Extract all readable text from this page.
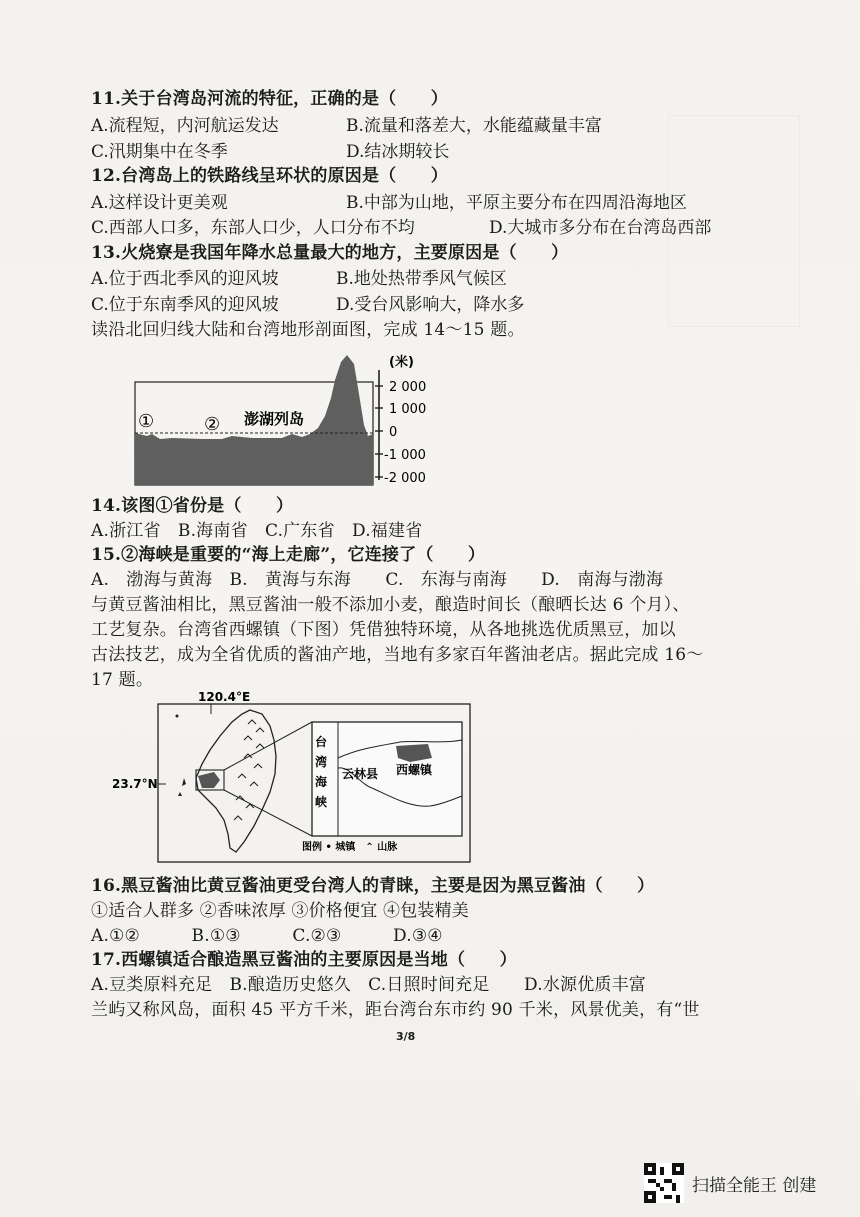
11.关于台湾岛河流的特征，正确的是（　　）
A.流程短，内河航运发达	B.流量和落差大，水能蕴藏量丰富
C.汛期集中在冬季	D.结冰期较长
12.台湾岛上的铁路线呈环状的原因是（　　）
A.这样设计更美观	B.中部为山地，平原主要分布在四周沿海地区
C.西部人口多，东部人口少，人口分布不均	D.大城市多分布在台湾岛西部
13.火烧寮是我国年降水总量最大的地方，主要原因是（　　）
A.位于西北季风的迎风坡	B.地处热带季风气候区
C.位于东南季风的迎风坡	D.受台风影响大，降水多
读沿北回归线大陆和台湾地形剖面图，完成 14～15 题。
(米)
2 000
1 000
0
-1 000
-2 000
①	② 澎湖列岛
14.该图①省份是（　　）
A.浙江省　B.海南省　C.广东省　D.福建省
15.②海峡是重要的“海上走廊”，它连接了（　　）
A.　渤海与黄海　B.　黄海与东海　　C.　东海与南海　　D.　南海与渤海
与黄豆酱油相比，黑豆酱油一般不添加小麦，酿造时间长（酿晒长达 6 个月）、
工艺复杂。台湾省西螺镇（下图）凭借独特环境，从各地挑选优质黑豆，加以
古法技艺，成为全省优质的酱油产地，当地有多家百年酱油老店。据此完成 16～
17 题。
120.4°E
23.7°N
台
湾
海
峡
云林县 西螺镇
图例 • 城镇　⌃ 山脉
16.黑豆酱油比黄豆酱油更受台湾人的青睐，主要是因为黑豆酱油（　　）
①适合人群多 ②香味浓厚 ③价格便宜 ④包装精美
A.①②　　　B.①③　　　C.②③　　　D.③④
17.西螺镇适合酿造黑豆酱油的主要原因是当地（　　）
A.豆类原料充足　B.酿造历史悠久　C.日照时间充足　　D.水源优质丰富
兰屿又称风岛，面积 45 平方千米，距台湾台东市约 90 千米，风景优美，有“世
3/8
扫描全能王 创建
